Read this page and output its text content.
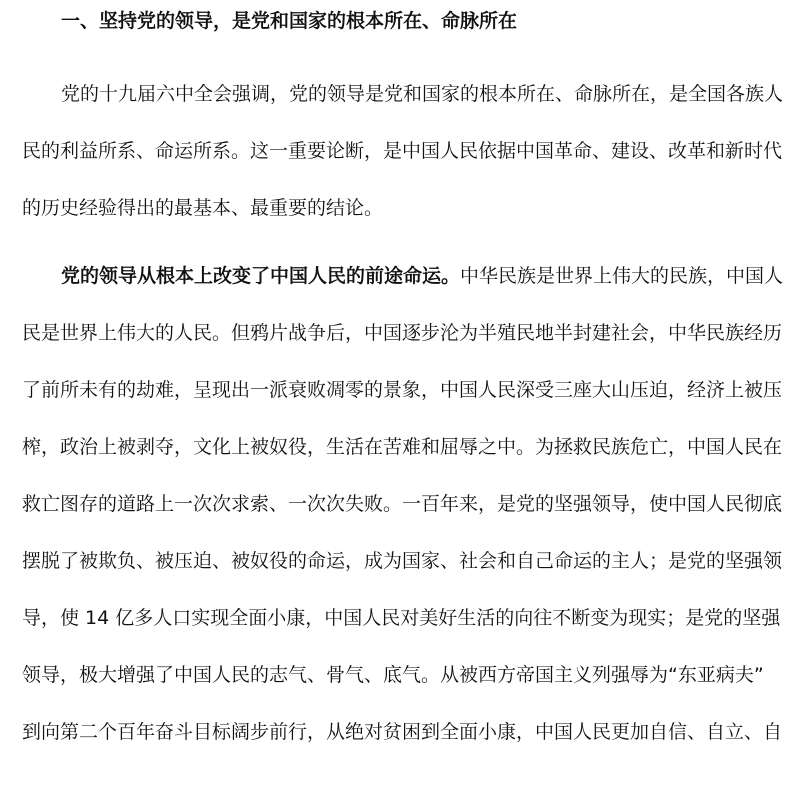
一、坚持党的领导，是党和国家的根本所在、命脉所在
党的十九届六中全会强调，党的领导是党和国家的根本所在、命脉所在，是全国各族人
民的利益所系、命运所系。这一重要论断，是中国人民依据中国革命、建设、改革和新时代
的历史经验得出的最基本、最重要的结论。
党的领导从根本上改变了中国人民的前途命运。中华民族是世界上伟大的民族，中国人
民是世界上伟大的人民。但鸦片战争后，中国逐步沦为半殖民地半封建社会，中华民族经历
了前所未有的劫难，呈现出一派衰败凋零的景象，中国人民深受三座大山压迫，经济上被压
榨，政治上被剥夺，文化上被奴役，生活在苦难和屈辱之中。为拯救民族危亡，中国人民在
救亡图存的道路上一次次求索、一次次失败。一百年来，是党的坚强领导，使中国人民彻底
摆脱了被欺负、被压迫、被奴役的命运，成为国家、社会和自己命运的主人；是党的坚强领
导，使 14 亿多人口实现全面小康，中国人民对美好生活的向往不断变为现实；是党的坚强
领导，极大增强了中国人民的志气、骨气、底气。从被西方帝国主义列强辱为“东亚病夫”
到向第二个百年奋斗目标阔步前行，从绝对贫困到全面小康，中国人民更加自信、自立、自
